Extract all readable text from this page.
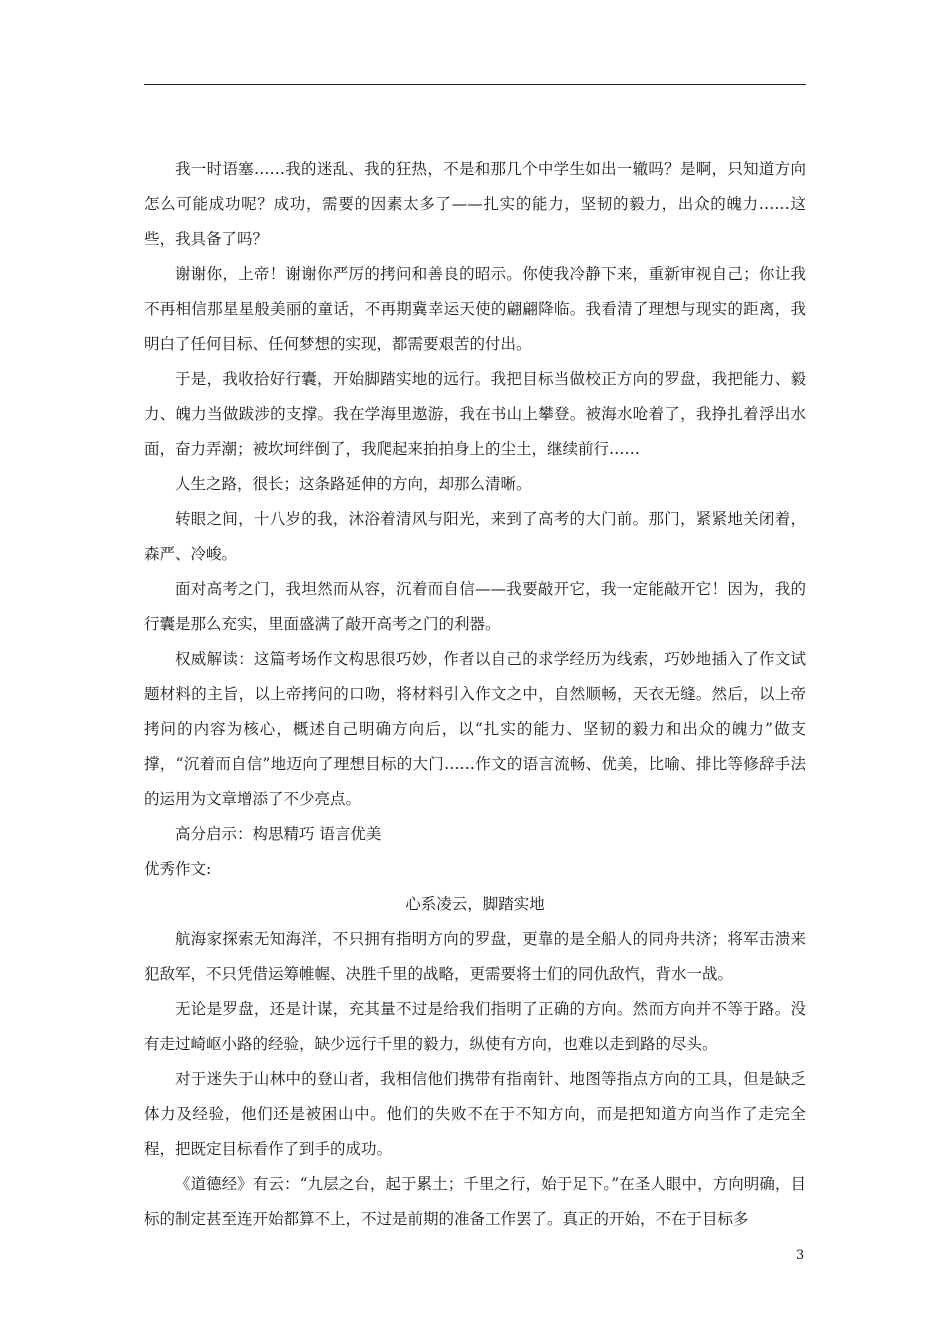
我一时语塞……我的迷乱、我的狂热，不是和那几个中学生如出一辙吗？是啊，只知道方向怎么可能成功呢？成功，需要的因素太多了——扎实的能力，坚韧的毅力，出众的魄力……这些，我具备了吗？

谢谢你，上帝！谢谢你严厉的拷问和善良的昭示。你使我冷静下来，重新审视自己；你让我不再相信那星星般美丽的童话，不再期冀幸运天使的翩翩降临。我看清了理想与现实的距离，我明白了任何目标、任何梦想的实现，都需要艰苦的付出。

于是，我收拾好行囊，开始脚踏实地的远行。我把目标当做校正方向的罗盘，我把能力、毅力、魄力当做跋涉的支撑。我在学海里遨游，我在书山上攀登。被海水呛着了，我挣扎着浮出水面，奋力弄潮；被坎坷绊倒了，我爬起来拍拍身上的尘土，继续前行……

人生之路，很长；这条路延伸的方向，却那么清晰。

转眼之间，十八岁的我，沐浴着清风与阳光，来到了高考的大门前。那门，紧紧地关闭着，森严、冷峻。

面对高考之门，我坦然而从容，沉着而自信——我要敲开它，我一定能敲开它！因为，我的行囊是那么充实，里面盛满了敲开高考之门的利器。

权威解读：这篇考场作文构思很巧妙，作者以自己的求学经历为线索，巧妙地插入了作文试题材料的主旨，以上帝拷问的口吻，将材料引入作文之中，自然顺畅，天衣无缝。然后，以上帝拷问的内容为核心，概述自己明确方向后，以“扎实的能力、坚韧的毅力和出众的魄力”做支撑，“沉着而自信”地迈向了理想目标的大门……作文的语言流畅、优美，比喻、排比等修辞手法的运用为文章增添了不少亮点。

高分启示：构思精巧 语言优美

优秀作文:

心系凌云，脚踏实地

航海家探索无知海洋，不只拥有指明方向的罗盘，更靠的是全船人的同舟共济；将军击溃来犯敌军，不只凭借运筹帷幄、决胜千里的战略，更需要将士们的同仇敌忾，背水一战。

无论是罗盘，还是计谋，充其量不过是给我们指明了正确的方向。然而方向并不等于路。没有走过崎岖小路的经验，缺少远行千里的毅力，纵使有方向，也难以走到路的尽头。

对于迷失于山林中的登山者，我相信他们携带有指南针、地图等指点方向的工具，但是缺乏体力及经验，他们还是被困山中。他们的失败不在于不知方向，而是把知道方向当作了走完全程，把既定目标看作了到手的成功。

《道德经》有云：“九层之台，起于累土；千里之行，始于足下。”在圣人眼中，方向明确，目标的制定甚至连开始都算不上，不过是前期的准备工作罢了。真正的开始，不在于目标多

3
